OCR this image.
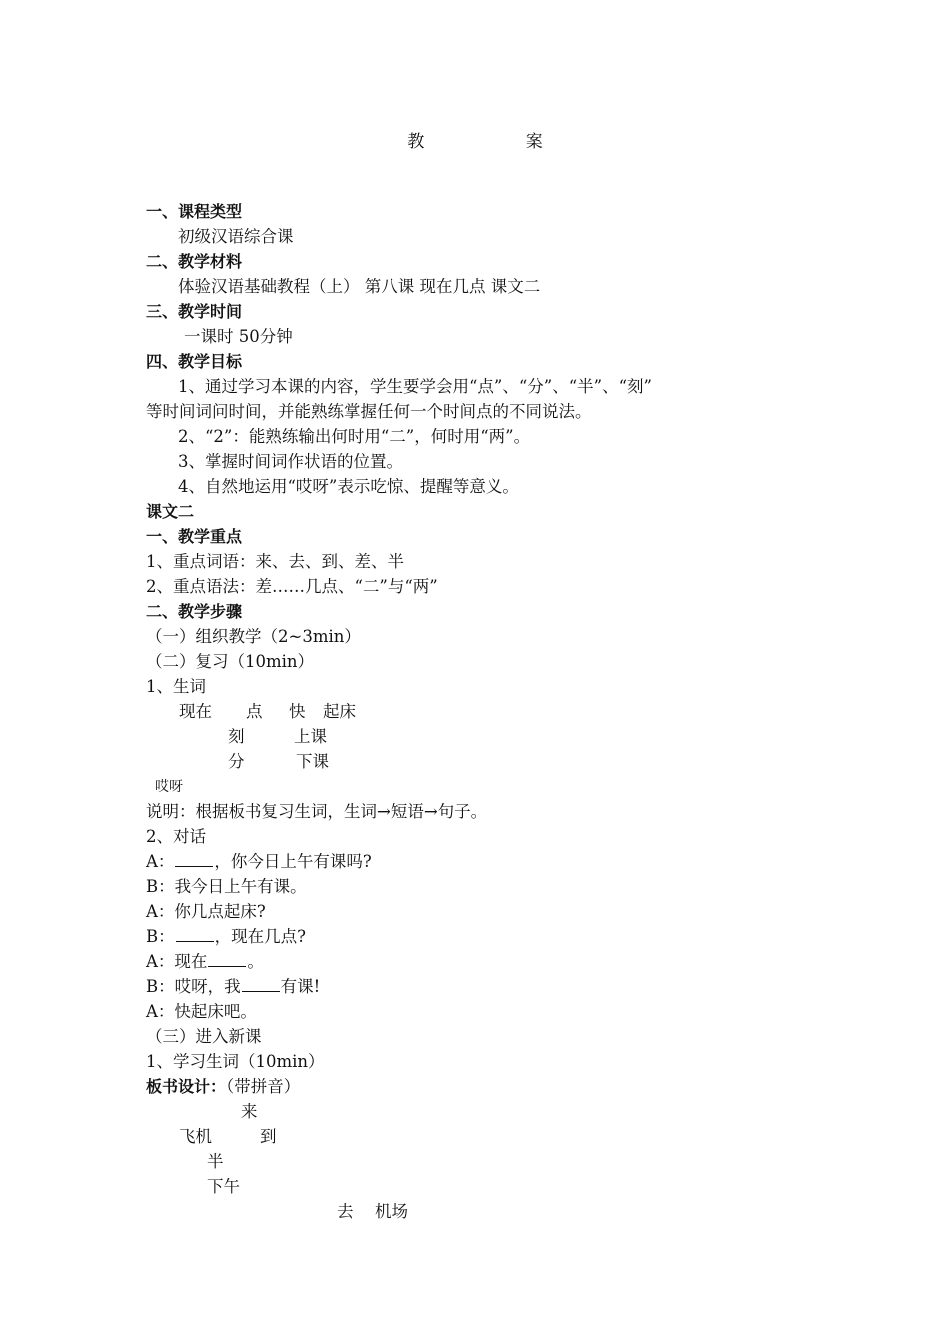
教 案
一、课程类型
初级汉语综合课
二、教学材料
体验汉语基础教程（上） 第八课 现在几点 课文二
三、教学时间
一课时 50分钟
四、教学目标
1、通过学习本课的内容，学生要学会用“点”、“分”、“半”、“刻”
等时间词问时间，并能熟练掌握任何一个时间点的不同说法。
2、“2”：能熟练输出何时用“二”，何时用“两”。
3、掌握时间词作状语的位置。
4、自然地运用“哎呀”表示吃惊、提醒等意义。
课文二
一、教学重点
1、重点词语：来、去、到、差、半
2、重点语法：差……几点、“二”与“两”
二、教学步骤
（一）组织教学（2~3min）
（二）复习（10min）
1、生词
现在 点 快 起床
刻	上课
分	下课
哎呀
说明：根据板书复习生词，生词→短语→句子。
2、对话
A： ，你今日上午有课吗?
B：我今日上午有课。
A：你几点起床?
B： ，现在几点?
A：现在 。
B：哎呀，我 有课!
A：快起床吧。
（三）进入新课
1、学习生词（10min）
板书设计：（带拼音）
来
飞机	到
半
下午
去 机场
